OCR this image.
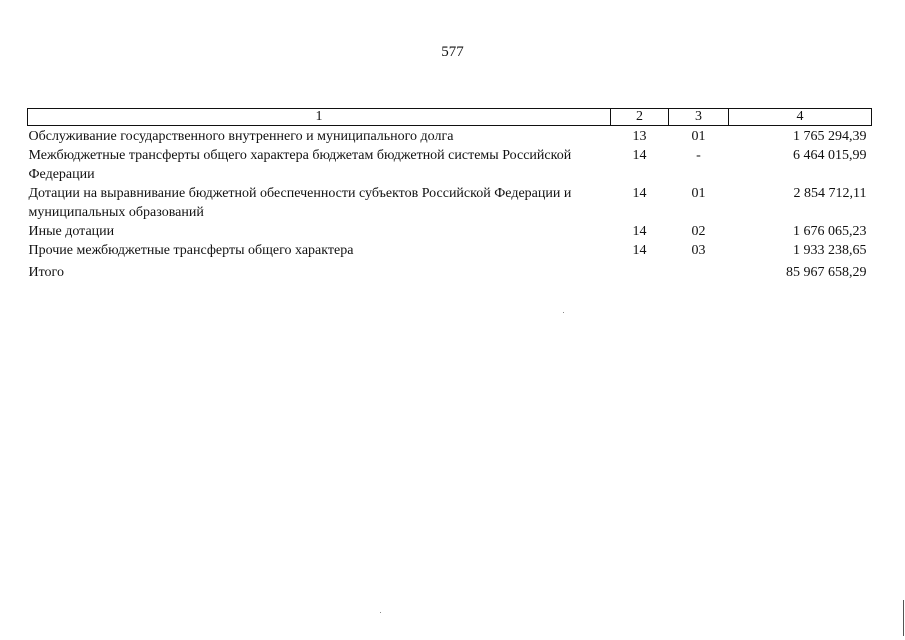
577
1	2	3	4
Обслуживание государственного внутреннего и муниципального долга	13	01	1 765 294,39
Межбюджетные трансферты общего характера бюджетам бюджетной системы Российской Федерации	14	-	6 464 015,99
Дотации на выравнивание бюджетной обеспеченности субъектов Российской Федерации и муниципальных образований	14	01	2 854 712,11
Иные дотации	14	02	1 676 065,23
Прочие межбюджетные трансферты общего характера	14	03	1 933 238,65
Итого			85 967 658,29
